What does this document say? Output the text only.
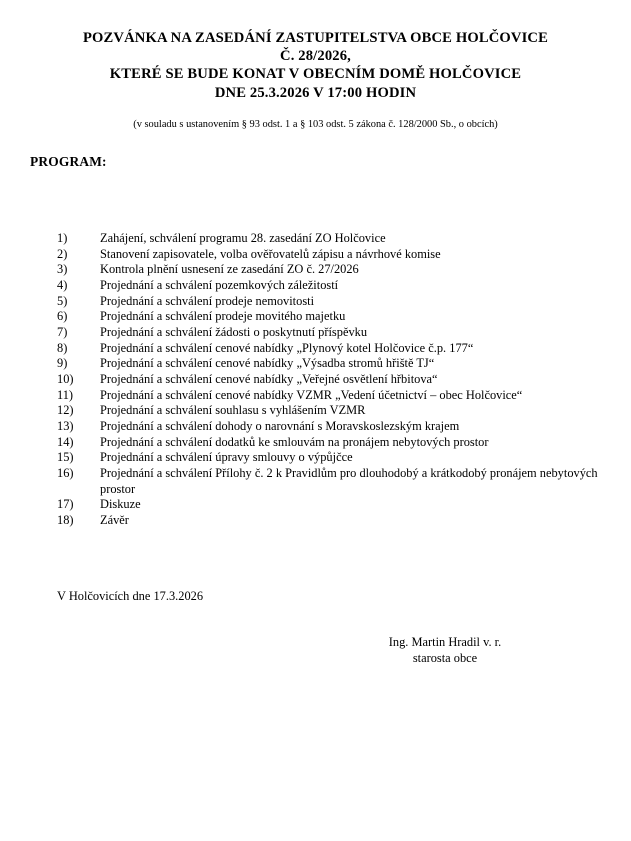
POZVÁNKA NA ZASEDÁNÍ ZASTUPITELSTVA OBCE HOLČOVICE
Č. 28/2026,
KTERÉ SE BUDE KONAT V OBECNÍM DOMĚ HOLČOVICE
DNE 25.3.2026 V 17:00 HODIN
(v souladu s ustanovením § 93 odst. 1 a § 103 odst. 5 zákona č. 128/2000 Sb., o obcích)
PROGRAM:
1)	Zahájení, schválení programu 28. zasedání ZO Holčovice
2)	Stanovení zapisovatele, volba ověřovatelů zápisu a návrhové komise
3)	Kontrola plnění usnesení ze zasedání ZO č. 27/2026
4)	Projednání a schválení pozemkových záležitostí
5)	Projednání a schválení prodeje nemovitosti
6)	Projednání a schválení prodeje movitého majetku
7)	Projednání a schválení žádosti o poskytnutí příspěvku
8)	Projednání a schválení cenové nabídky „Plynový kotel Holčovice č.p. 177“
9)	Projednání a schválení cenové nabídky „Výsadba stromů hřiště TJ“
10)	Projednání a schválení cenové nabídky „Veřejné osvětlení hřbitova“
11)	Projednání a schválení cenové nabídky VZMR „Vedení účetnictví – obec Holčovice“
12)	Projednání a schválení souhlasu s vyhlášením VZMR
13)	Projednání a schválení dohody o narovnání s Moravskoslezským krajem
14)	Projednání a schválení dodatků ke smlouvám na pronájem nebytových prostor
15)	Projednání a schválení úpravy smlouvy o výpůjčce
16)	Projednání a schválení Přílohy č. 2 k Pravidlům pro dlouhodobý a krátkodobý pronájem nebytových prostor
17)	Diskuze
18)	Závěr
V Holčovicích dne 17.3.2026
Ing. Martin Hradil v. r.
starosta obce
